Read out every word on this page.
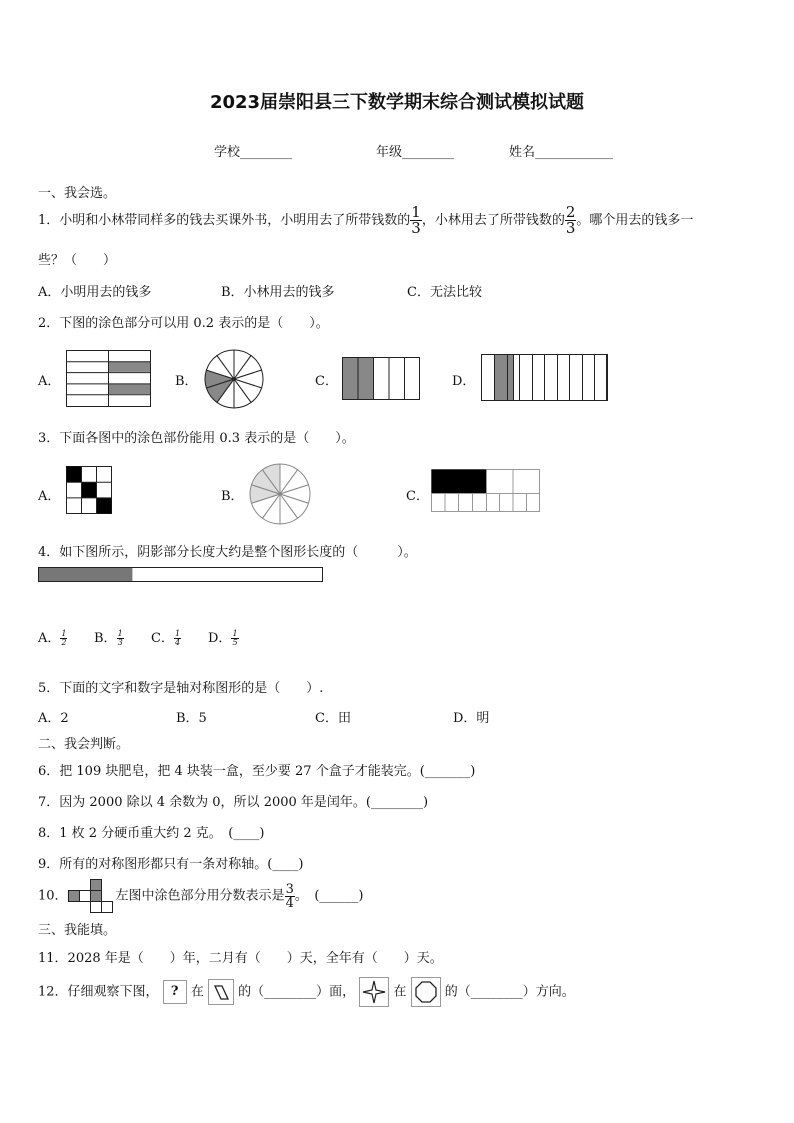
2023届崇阳县三下数学期末综合测试模拟试题
学校________	年级________	姓名____________
一、我会选。
1．小明和小林带同样多的钱去买课外书，小明用去了所带钱数的 $\frac{1}{3}$ ，小林用去了所带钱数的 $\frac{2}{3}$ 。哪个用去的钱多一
些？（　　）
A．小明用去的钱多	B．小林用去的钱多	C．无法比较
2．下图的涂色部分可以用 0.2 表示的是（　　）。
A．	B．	C．	D．
3．下面各图中的涂色部份能用 0.3 表示的是（　　）。
A．	B．	C．
4．如下图所示，阴影部分长度大约是整个图形长度的（　　　）。
A． $\frac{1}{2}$ B． $\frac{1}{3}$ C． $\frac{1}{4}$ D． $\frac{1}{5}$
5．下面的文字和数字是轴对称图形的是（　　）.
A．2	B．5	C．田	D．明
二、我会判断。
6．把 109 块肥皂，把 4 块装一盒，至少要 27 个盒子才能装完。(_______)
7．因为 2000 除以 4 余数为 0，所以 2000 年是闰年。(________)
8．1 枚 2 分硬币重大约 2 克。　(____)
9．所有的对称图形都只有一条对称轴。(____)
10．	左图中涂色部分用分数表示是 $\frac{3}{4}$ 。　(______)
三、我能填。
11．2028 年是（　　）年，二月有（　　）天，全年有（　　）天。
12．仔细观察下图， ? 在	的（________）面，	在	的（________）方向。
